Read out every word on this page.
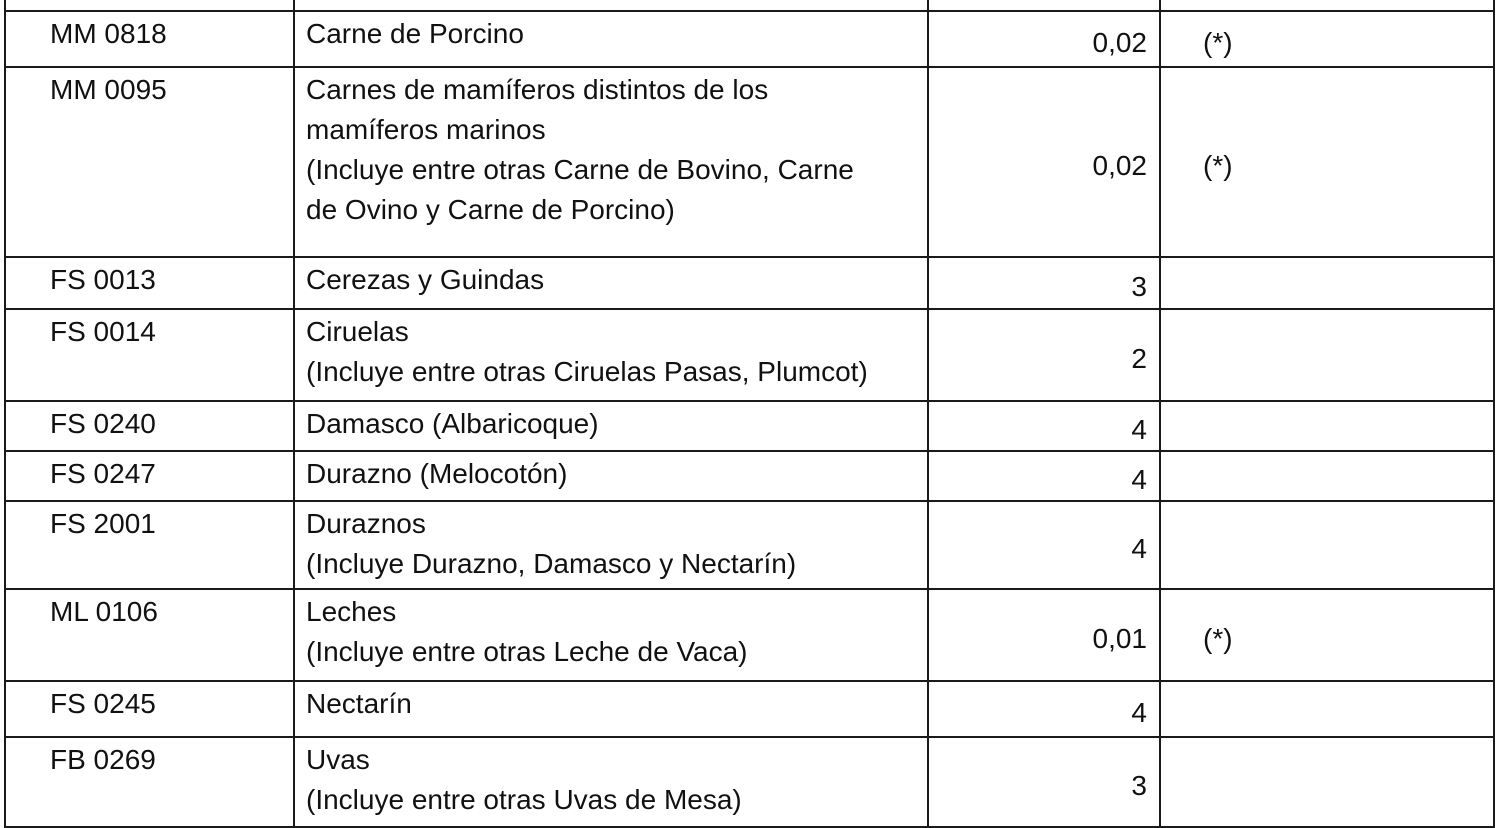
MM 0818	Carne de Porcino	0,02	(*)
MM 0095	Carnes de mamíferos distintos de los
mamíferos marinos
(Incluye entre otras Carne de Bovino, Carne
de Ovino y Carne de Porcino)	0,02	(*)
FS 0013	Cerezas y Guindas	3	
FS 0014	Ciruelas
(Incluye entre otras Ciruelas Pasas, Plumcot)	2	
FS 0240	Damasco (Albaricoque)	4	
FS 0247	Durazno (Melocotón)	4	
FS 2001	Duraznos
(Incluye Durazno, Damasco y Nectarín)	4	
ML 0106	Leches
(Incluye entre otras Leche de Vaca)	0,01	(*)
FS 0245	Nectarín	4	
FB 0269	Uvas
(Incluye entre otras Uvas de Mesa)	3	
